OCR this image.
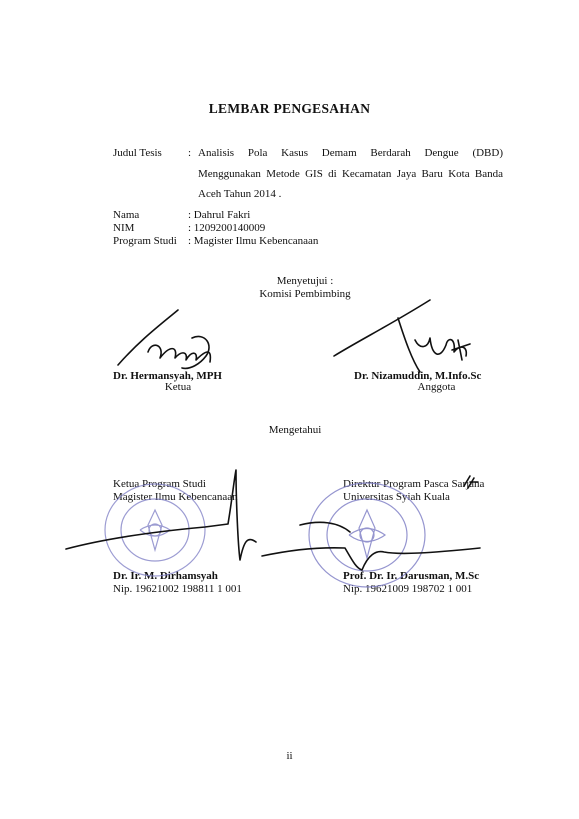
LEMBAR PENGESAHAN
Judul Tesis : Analisis Pola Kasus Demam Berdarah Dengue (DBD)
Menggunakan Metode GIS di Kecamatan Jaya Baru Kota Banda
Aceh Tahun 2014 .
Nama	: Dahrul Fakri
NIM	: 1209200140009
Program Studi : Magister Ilmu Kebencanaan
Menyetujui :
Komisi Pembimbing
Dr. Hermansyah, MPH
Ketua
Dr. Nizamuddin, M.Info.Sc
Anggota
Mengetahui
Ketua Program Studi
Magister Ilmu Kebencanaan
Dr. Ir. M. Dirhamsyah
Nip. 19621002 198811 1 001
Direktur Program Pasca Sarjana
Universitas Syiah Kuala
Prof. Dr. Ir. Darusman, M.Sc
Nip. 19621009 198702 1 001
ii
